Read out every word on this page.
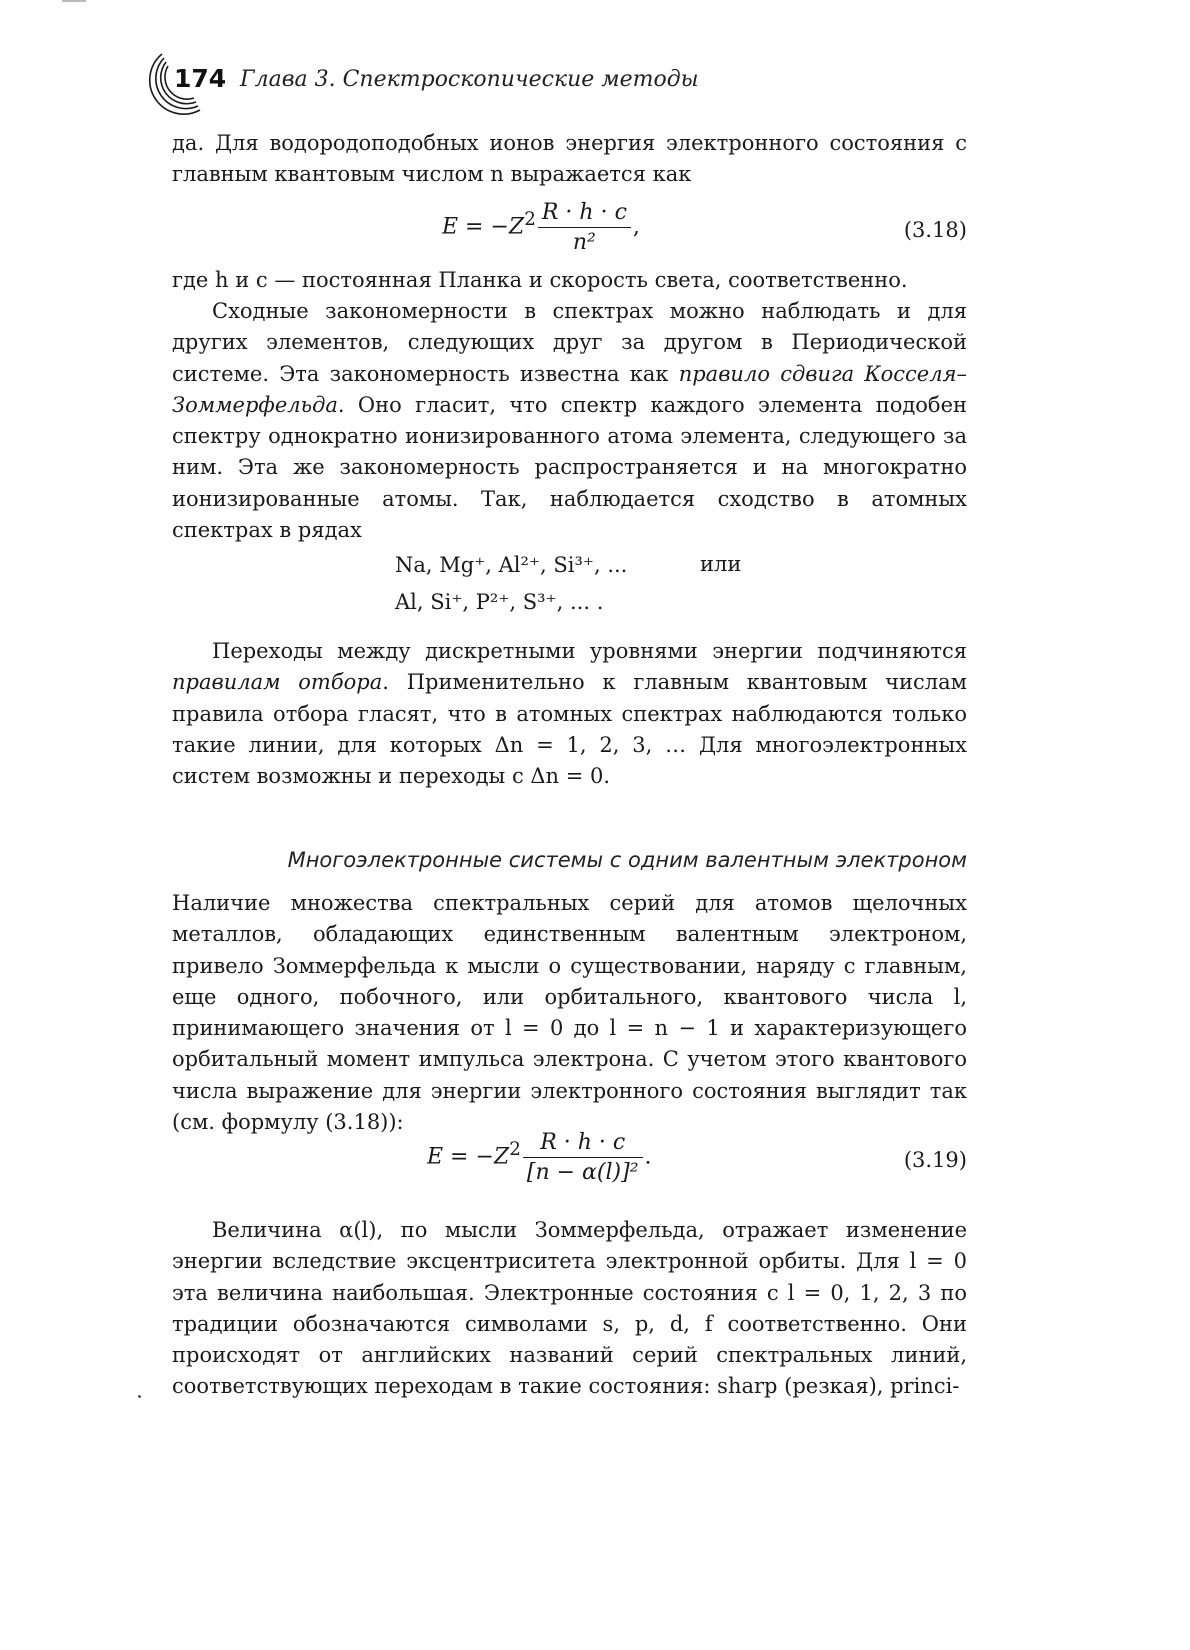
174 Глава 3. Спектроскопические методы

да. Для водородоподобных ионов энергия электронного состояния с главным квантовым числом n выражается как

$E = -Z^2 \frac{R \cdot h \cdot c}{\text{n²}}$ ,	(3.18)

где h и c — постоянная Планка и скорость света, соответственно.

Сходные закономерности в спектрах можно наблюдать и для других элементов, следующих друг за другом в Периодической системе. Эта закономерность известна как правило сдвига Косселя–Зоммерфельда. Оно гласит, что спектр каждого элемента подобен спектру однократно ионизированного атома элемента, следующего за ним. Эта же закономерность распространяется и на многократно ионизированные атомы. Так, наблюдается сходство в атомных спектрах в рядах

Na, Mg⁺, Al²⁺, Si³⁺, ...
Al, Si⁺, P²⁺, S³⁺, ... .
или

Переходы между дискретными уровнями энергии подчиняются правилам отбора. Применительно к главным квантовым числам правила отбора гласят, что в атомных спектрах наблюдаются только такие линии, для которых Δn = 1, 2, 3, … Для многоэлектронных систем возможны и переходы с Δn = 0.

Многоэлектронные системы с одним валентным электроном

Наличие множества спектральных серий для атомов щелочных металлов, обладающих единственным валентным электроном, привело Зоммерфельда к мысли о существовании, наряду с главным, еще одного, побочного, или орбитального, квантового числа l, принимающего значения от l = 0 до l = n − 1 и характеризующего орбитальный момент импульса электрона. С учетом этого квантового числа выражение для энергии электронного состояния выглядит так (см. формулу (3.18)):

$E = -Z^2 \frac{R \cdot h \cdot c}{\text{[n − α(l)]²}}$ .	(3.19)

Величина α(l), по мысли Зоммерфельда, отражает изменение энергии вследствие эксцентриситета электронной орбиты. Для l = 0 эта величина наибольшая. Электронные состояния с l = 0, 1, 2, 3 по традиции обозначаются символами s, p, d, f соответственно. Они происходят от английских названий серий спектральных линий, соответствующих переходам в такие состояния: sharp (резкая), princi-
